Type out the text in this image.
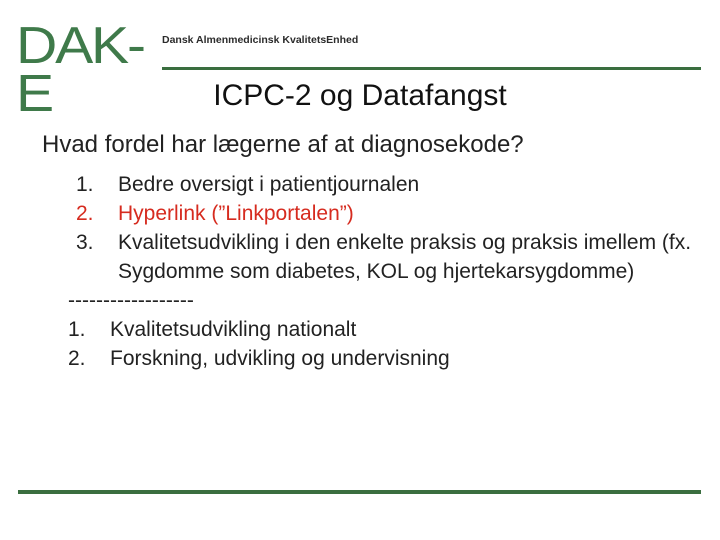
DAK-E
Dansk Almenmedicinsk KvalitetsEnhed
ICPC-2 og Datafangst
Hvad fordel har lægerne af at diagnosekode?
1.	Bedre oversigt i patientjournalen
2.	Hyperlink (”Linkportalen”)
3.	Kvalitetsudvikling i den enkelte praksis og praksis imellem (fx. Sygdomme som diabetes, KOL og hjertekarsygdomme)
------------------
1.	Kvalitetsudvikling nationalt
2.	Forskning, udvikling og undervisning
